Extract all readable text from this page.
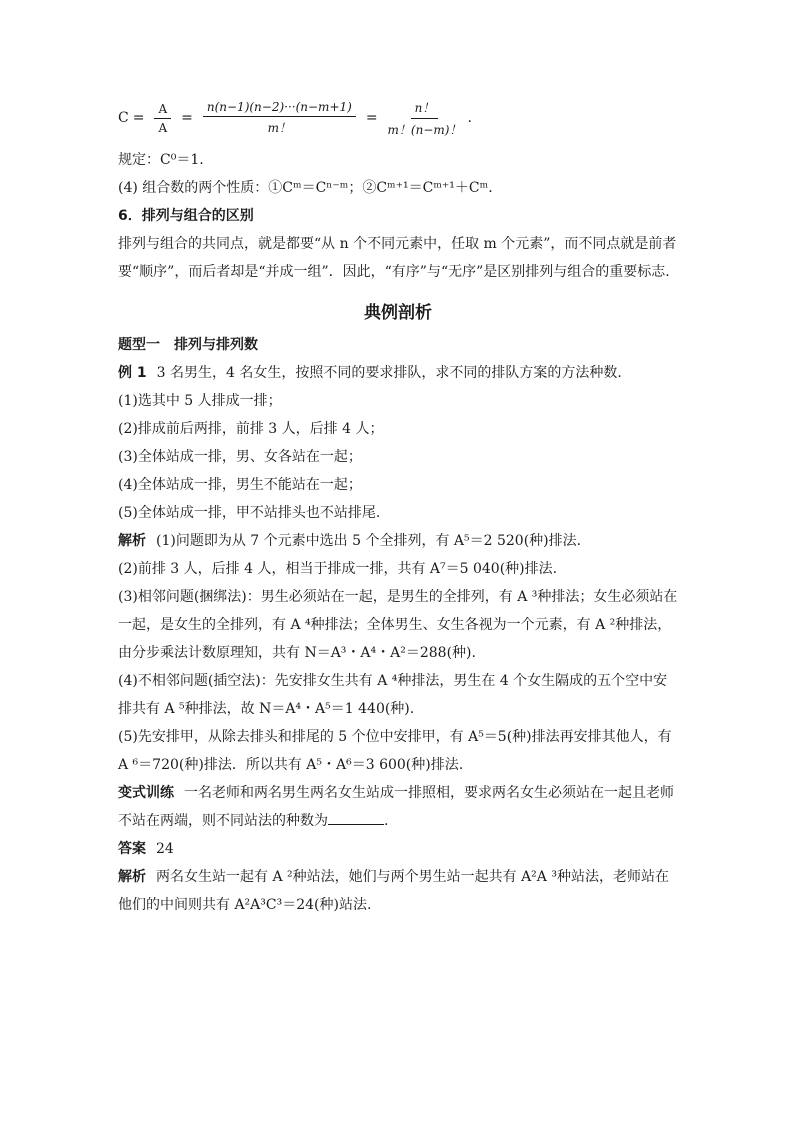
$C = \frac{A}{A} = \frac{n(n-1)(n-2)\cdot\cdot\cdot(n-m+1)}{m!} = \frac{n!}{m!(n-m)!}$ .
规定：C⁰＝1.
(4) 组合数的两个性质：①Cᵐ＝Cⁿ⁻ᵐ；②Cᵐ⁺¹＝Cᵐ⁺¹＋Cᵐ.
6．排列与组合的区别
排列与组合的共同点，就是都要“从 n 个不同元素中，任取 m 个元素”，而不同点就是前者要“顺序”，而后者却是“并成一组”．因此，“有序”与“无序”是区别排列与组合的重要标志.
典例剖析
题型一　排列与排列数
例 1 3 名男生，4 名女生，按照不同的要求排队，求不同的排队方案的方法种数.
(1)选其中 5 人排成一排；
(2)排成前后两排，前排 3 人，后排 4 人；
(3)全体站成一排，男、女各站在一起；
(4)全体站成一排，男生不能站在一起；
(5)全体站成一排，甲不站排头也不站排尾.
解析 (1)问题即为从 7 个元素中选出 5 个全排列，有 A⁵＝2 520(种)排法.
(2)前排 3 人，后排 4 人，相当于排成一排，共有 A⁷＝5 040(种)排法.
(3)相邻问题(捆绑法)：男生必须站在一起，是男生的全排列，有 A ³种排法；女生必须站在一起，是女生的全排列，有 A ⁴种排法；全体男生、女生各视为一个元素，有 A ²种排法，由分步乘法计数原理知，共有 N＝A³・A⁴・A²＝288(种).
(4)不相邻问题(插空法)：先安排女生共有 A ⁴种排法，男生在 4 个女生隔成的五个空中安排共有 A ⁵种排法，故 N＝A⁴・A⁵＝1 440(种).
(5)先安排甲，从除去排头和排尾的 5 个位中安排甲，有 A⁵＝5(种)排法再安排其他人，有 A ⁶＝720(种)排法．所以共有 A⁵・A⁶＝3 600(种)排法.
变式训练 一名老师和两名男生两名女生站成一排照相，要求两名女生必须站在一起且老师不站在两端，则不同站法的种数为	.
答案 24
解析 两名女生站一起有 A ²种站法，她们与两个男生站一起共有 A²A ³种站法，老师站在他们的中间则共有 A²A³C³＝24(种)站法.
